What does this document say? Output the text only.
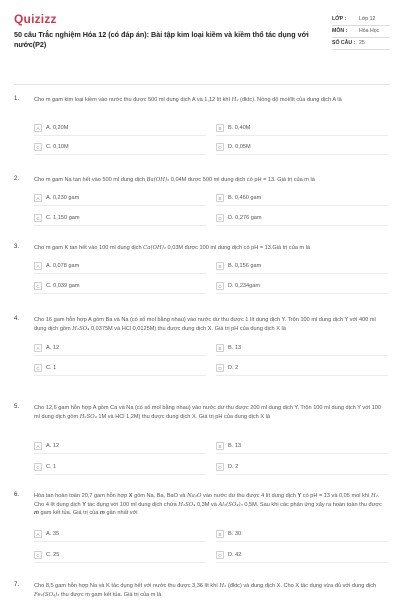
Quizizz
50 câu Trắc nghiệm Hóa 12 (có đáp án): Bài tập kim loại kiềm và kiềm thổ tác dụng với nước(P2)
LỚP :	Lớp 12
MÔN :	Hóa Học
SỐ CÂU : 25
1.	Cho m gam kim loại kiềm vào nước thu được 500 ml dung dịch A và 1,12 lít khí H₂ (đktc). Nồng độ mol/lít của dung dịch A là
A	A. 0,20M	B	B. 0,40M
C	C. 0,10M	D	D. 0,05M
2.	Cho m gam Na tan hết vào 500 ml dung dịch Ba(OH)₂ 0,04M được 500 ml dung dịch có pH = 13. Giá trị của m là
A	A. 0,230 gam	B	B. 0,460 gam
C	C. 1,150 gam	D	D. 0,276 gam
3.	Cho m gam K tan hết vào 100 ml dung dịch Ca(OH)₂ 0,03M được 100 ml dung dịch có pH = 13.Giá trị của m là
A	A. 0,078 gam	B	B. 0,156 gam
C	C. 0,039 gam	D	D. 0,234gam
4.	Cho 16 gam hỗn hợp A gồm Ba và Na (có số mol bằng nhau) vào nước dư thu được 1 lít dung dịch Y. Trộn 100 ml dung dịch Y với 400 ml dung dịch gồm H₂SO₄ 0,0375M và HCl 0,0125M) thu được dung dịch X. Giá trị pH của dung dịch X là
A	A. 12	B	B. 13
C	C. 1	D	D. 2
5.	Cho 12,6 gam hỗn hợp A gồm Ca và Na (có số mol bằng nhau) vào nước dư thu được 200 ml dung dịch Y. Trộn 100 ml dung dịch Y với 100 ml dung dịch gồm H₂SO₄ 1M và HCl 1,2M) thu được dung dịch X. Giá trị pH của dung dịch X là
A	A. 12	B	B. 13
C	C. 1	D	D. 2
6.	Hòa tan hoàn toàn 20,7 gam hỗn hợp X gồm Na, Ba, BaO và Na₂O vào nước dư thu được 4 lít dung dịch Y có pH = 13 và 0,05 mol khí H₂. Cho 4 lít dung dịch Y tác dụng với 100 ml dung dịch chứa H₂SO₄ 0,3M và Al₂(SO₄)₃ 0,5M. Sau khi các phản ứng xảy ra hoàn toàn thu được m gam kết tủa. Giá trị của m gần nhất với
A	A. 35	B	B. 30
C	C. 25	D	D. 42
7.	Cho 8,5 gam hỗn hợp Na và K tác dụng hết với nước thu được 3,36 lít khí H₂ (đktc) và dung dịch X. Cho X tác dụng vừa đủ với dung dịch Fe₂(SO₄)₃ thu được m gam kết tủa. Giá trị của m là
